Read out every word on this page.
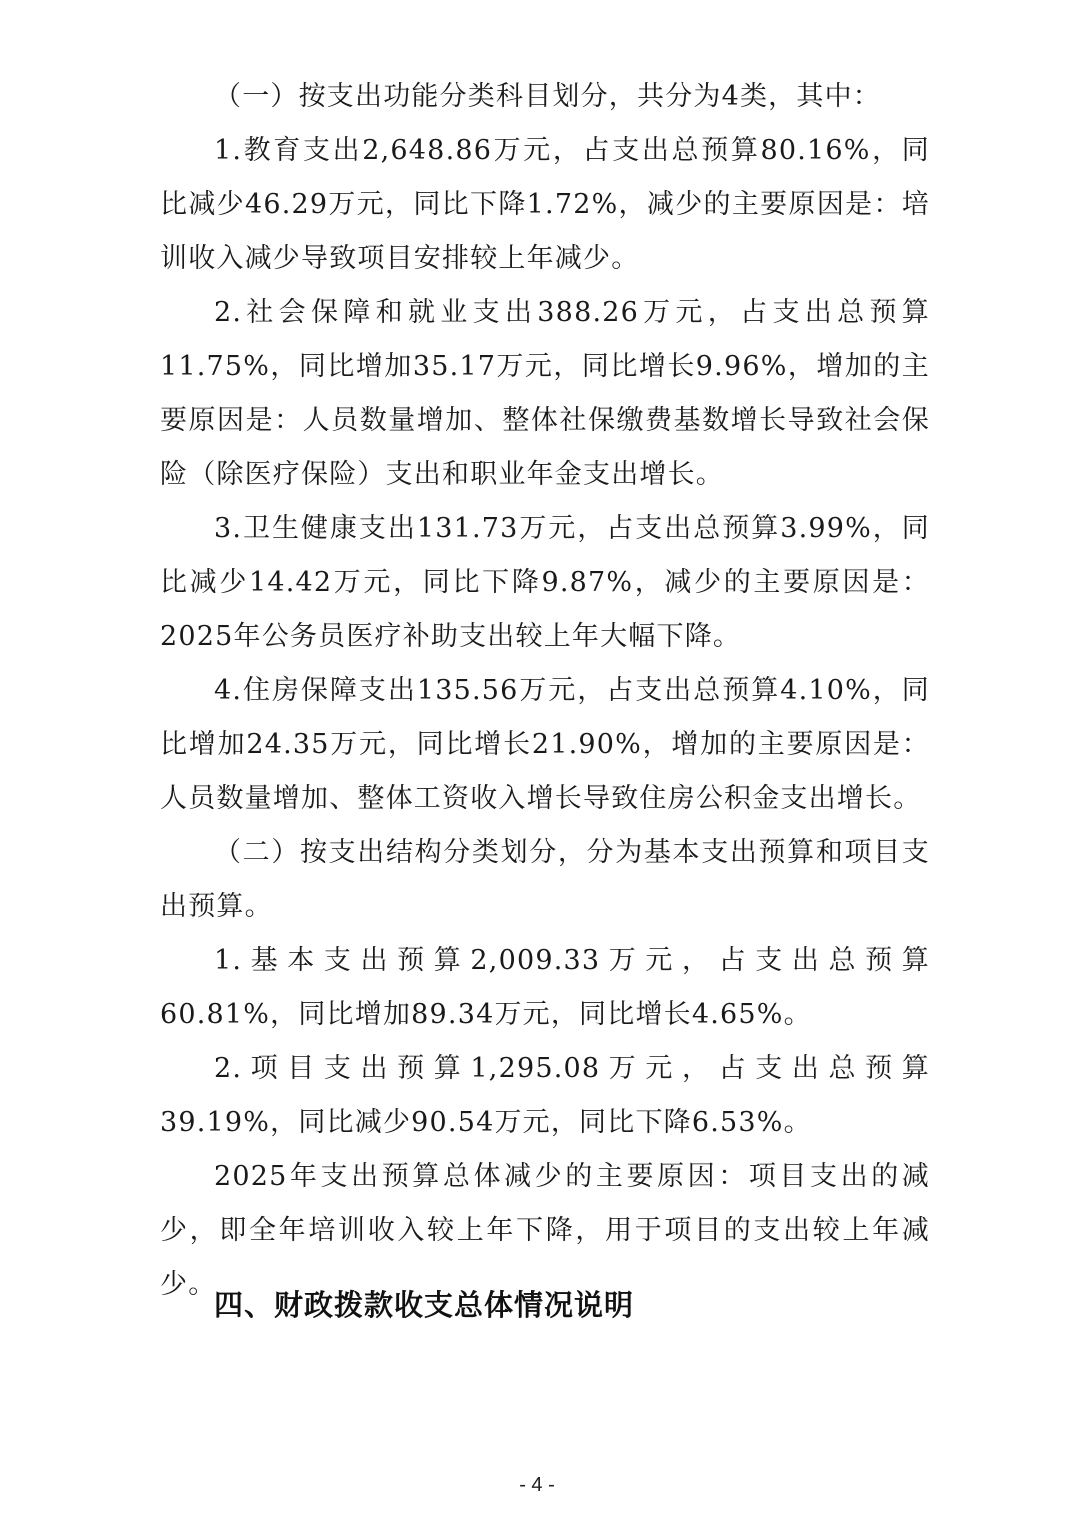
（一）按支出功能分类科目划分，共分为4类，其中：

1.教育支出2,648.86万元，占支出总预算80.16%，同比减少46.29万元，同比下降1.72%，减少的主要原因是：培训收入减少导致项目安排较上年减少。

2.社会保障和就业支出388.26万元，占支出总预算11.75%，同比增加35.17万元，同比增长9.96%，增加的主要原因是：人员数量增加、整体社保缴费基数增长导致社会保险（除医疗保险）支出和职业年金支出增长。

3.卫生健康支出131.73万元，占支出总预算3.99%，同比减少14.42万元，同比下降9.87%，减少的主要原因是：2025年公务员医疗补助支出较上年大幅下降。

4.住房保障支出135.56万元，占支出总预算4.10%，同比增加24.35万元，同比增长21.90%，增加的主要原因是：人员数量增加、整体工资收入增长导致住房公积金支出增长。

（二）按支出结构分类划分，分为基本支出预算和项目支出预算。

1.基本支出预算2,009.33万元，占支出总预算60.81%，同比增加89.34万元，同比增长4.65%。

2.项目支出预算1,295.08万元，占支出总预算39.19%，同比减少90.54万元，同比下降6.53%。

2025年支出预算总体减少的主要原因：项目支出的减少，即全年培训收入较上年下降，用于项目的支出较上年减少。

四、财政拨款收支总体情况说明
- 4 -
